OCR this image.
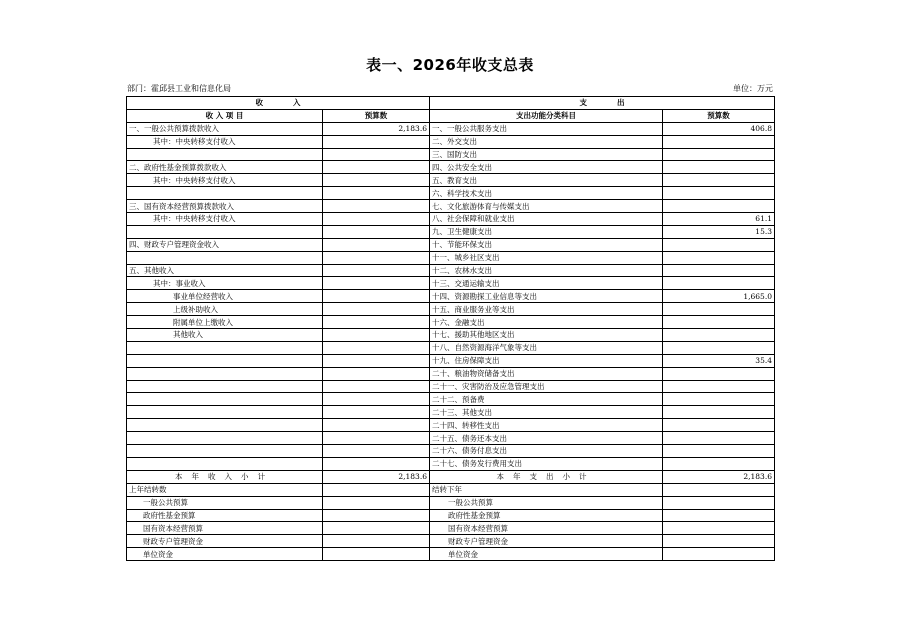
表一、2026年收支总表
部门：霍邱县工业和信息化局	单位：万元
收　　　　入		支　　　　出	
收 入 项 目	预算数	支出功能分类科目	预算数
一、一般公共预算拨款收入	2,183.6	一、一般公共服务支出	406.8
其中：中央转移支付收入		二、外交支出	
		三、国防支出	
二、政府性基金预算拨款收入		四、公共安全支出	
其中：中央转移支付收入		五、教育支出	
		六、科学技术支出	
三、国有资本经营预算拨款收入		七、文化旅游体育与传媒支出	
其中：中央转移支付收入		八、社会保障和就业支出	61.1
		九、卫生健康支出	15.3
四、财政专户管理资金收入		十、节能环保支出	
		十一、城乡社区支出	
五、其他收入		十二、农林水支出	
其中：事业收入		十三、交通运输支出	
事业单位经营收入		十四、资源勘探工业信息等支出	1,665.0
上级补助收入		十五、商业服务业等支出	
附属单位上缴收入		十六、金融支出	
其他收入		十七、援助其他地区支出	
		十八、自然资源海洋气象等支出	
		十九、住房保障支出	35.4
		二十、粮油物资储备支出	
		二十一、灾害防治及应急管理支出	
		二十二、预备费	
		二十三、其他支出	
		二十四、转移性支出	
		二十五、债务还本支出	
		二十六、债务付息支出	
		二十七、债务发行费用支出	
本年收入小计	2,183.6	本年支出小计	2,183.6
上年结转数		结转下年	
一般公共预算		一般公共预算	
政府性基金预算		政府性基金预算	
国有资本经营预算		国有资本经营预算	
财政专户管理资金		财政专户管理资金	
单位资金		单位资金	
